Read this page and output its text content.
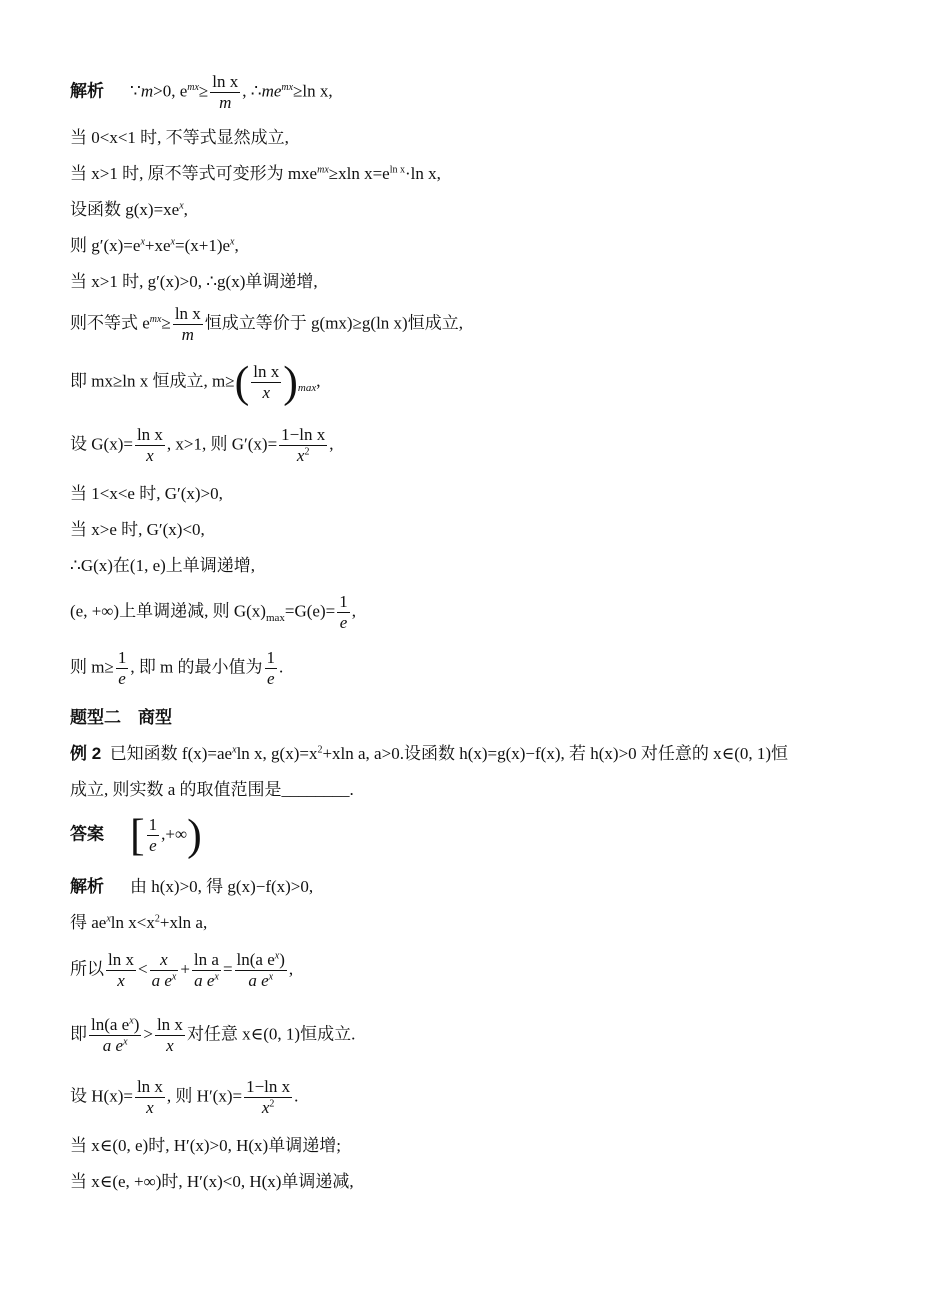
解析 ∵m>0, $e^{mx}\ge \frac{\text{ln x}}{m}$ , $\therefore me^{mx}\ge\ln$ x,
当 0<x<1 时, 不等式显然成立,
当 x>1 时, 原不等式可变形为 mxe$^{mx}$≥xln $x=e^{ln x}\cdot\ln$ x,
设函数 $g(x)=xe^x$,
则 $g'(x)=e^x+xe^x=(x+1)e^x$,
当 x>1 时, g′(x)>0, ∴g(x)单调递增,
则不等式 $e^{mx}\ge \frac{\text{ln x}}{m}$ 恒成立等价于 g(mx)≥g(ln x)恒成立,
即 mx≥ln x 恒成立, $m\ge( \frac{\text{ln x}}{x} )_{max}$,
设 $G(x)= \frac{\text{ln x}}{x}$ , x>1, 则 $G'(x)= \frac{\text{1−ln x}}{x^2}$ ,
当 1<x<e 时, G′(x)>0,
当 x>e 时, G′(x)<0,
∴G(x)在(1, e)上单调递增,
(e, +∞)上单调递减, 则 $G(x)_{max}=G(e)= \frac{1}{e}$ ,
则 $m\ge \frac{1}{e}$ , 即 m 的最小值为 $\frac{1}{e}$ .
题型二　商型
例 2 已知函数 $f(x)=ae^x\ln$ x, $g(x)=x^2+xln$ a, a>0.设函数 h(x)=g(x)−f(x), 若 h(x)>0 对任意的 x∈(0, 1)恒
成立, 则实数 a 的取值范围是________.
答案 [ $\frac{1}{e}$ ,+∞)
解析 由 h(x)>0, 得 g(x)−f(x)>0,
得 $ae^x\ln$ $x<x^2+xln$ a,
所以 $\frac{\text{ln x}}{x} < \frac{x}{a e^x} + \frac{\text{ln a}}{a e^x} = \frac{\ln(a e^x)}{a e^x}$ ,
即 $\frac{\ln(a e^x)}{a e^x} > \frac{\text{ln x}}{x}$ 对任意 x∈(0, 1)恒成立.
设 $H(x)= \frac{\text{ln x}}{x}$ , 则 $H'(x)= \frac{\text{1−ln x}}{x^2}$ .
当 x∈(0, e)时, H′(x)>0, H(x)单调递增;
当 x∈(e, +∞)时, H′(x)<0, H(x)单调递减,
